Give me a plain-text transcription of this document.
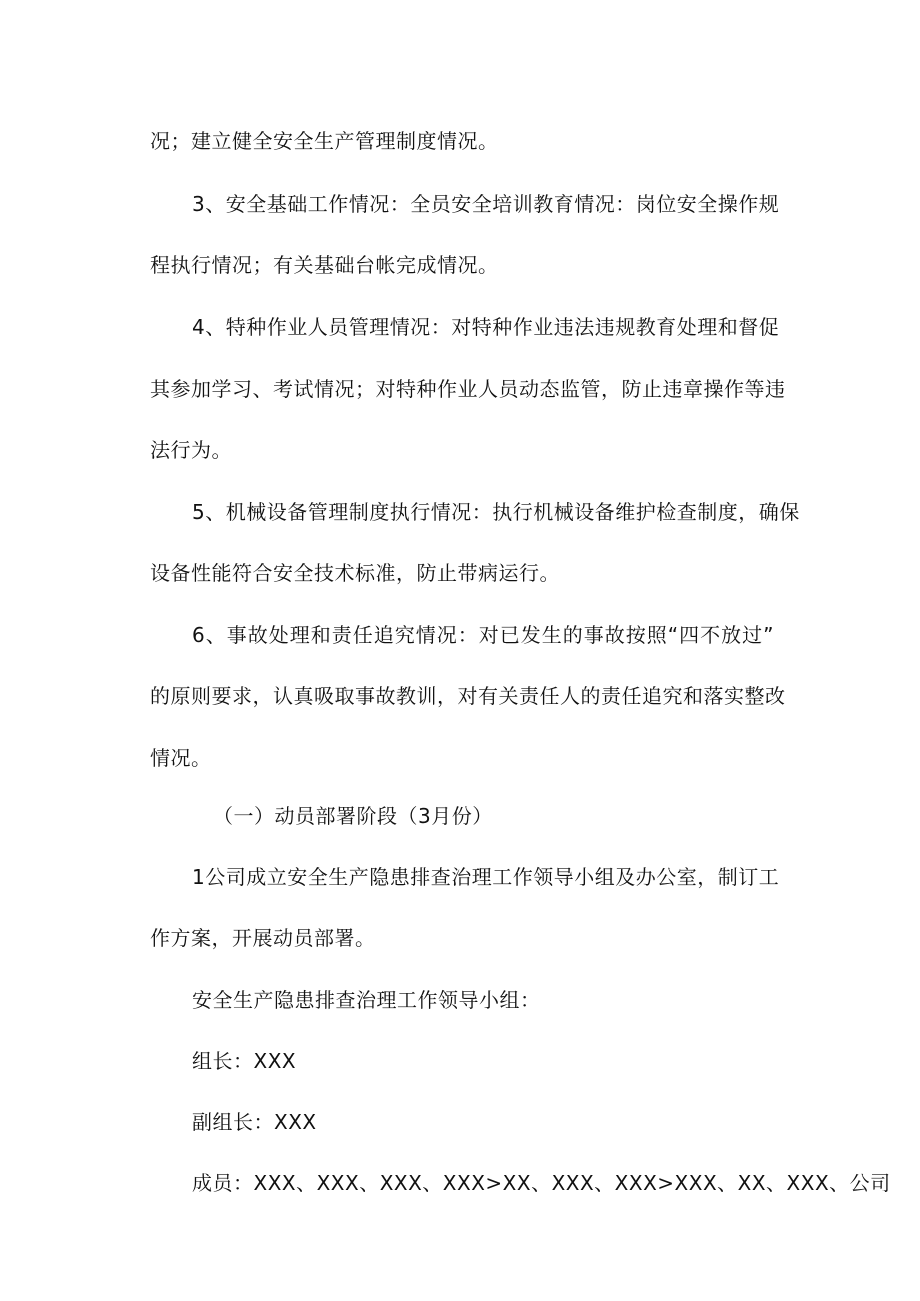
况；建立健全安全生产管理制度情况。
3、安全基础工作情况：全员安全培训教育情况：岗位安全操作规
程执行情况；有关基础台帐完成情况。
4、特种作业人员管理情况：对特种作业违法违规教育处理和督促
其参加学习、考试情况；对特种作业人员动态监管，防止违章操作等违
法行为。
5、机械设备管理制度执行情况：执行机械设备维护检查制度，确保
设备性能符合安全技术标准，防止带病运行。
6、事故处理和责任追究情况：对已发生的事故按照“四不放过”
的原则要求，认真吸取事故教训，对有关责任人的责任追究和落实整改
情况。
（一）动员部署阶段（3月份）
1公司成立安全生产隐患排查治理工作领导小组及办公室，制订工
作方案，开展动员部署。
安全生产隐患排查治理工作领导小组：
组长：XXX
副组长：XXX
成员：XXX、XXX、XXX、XXX>XX、XXX、XXX>XXX、XX、XXX、公司
